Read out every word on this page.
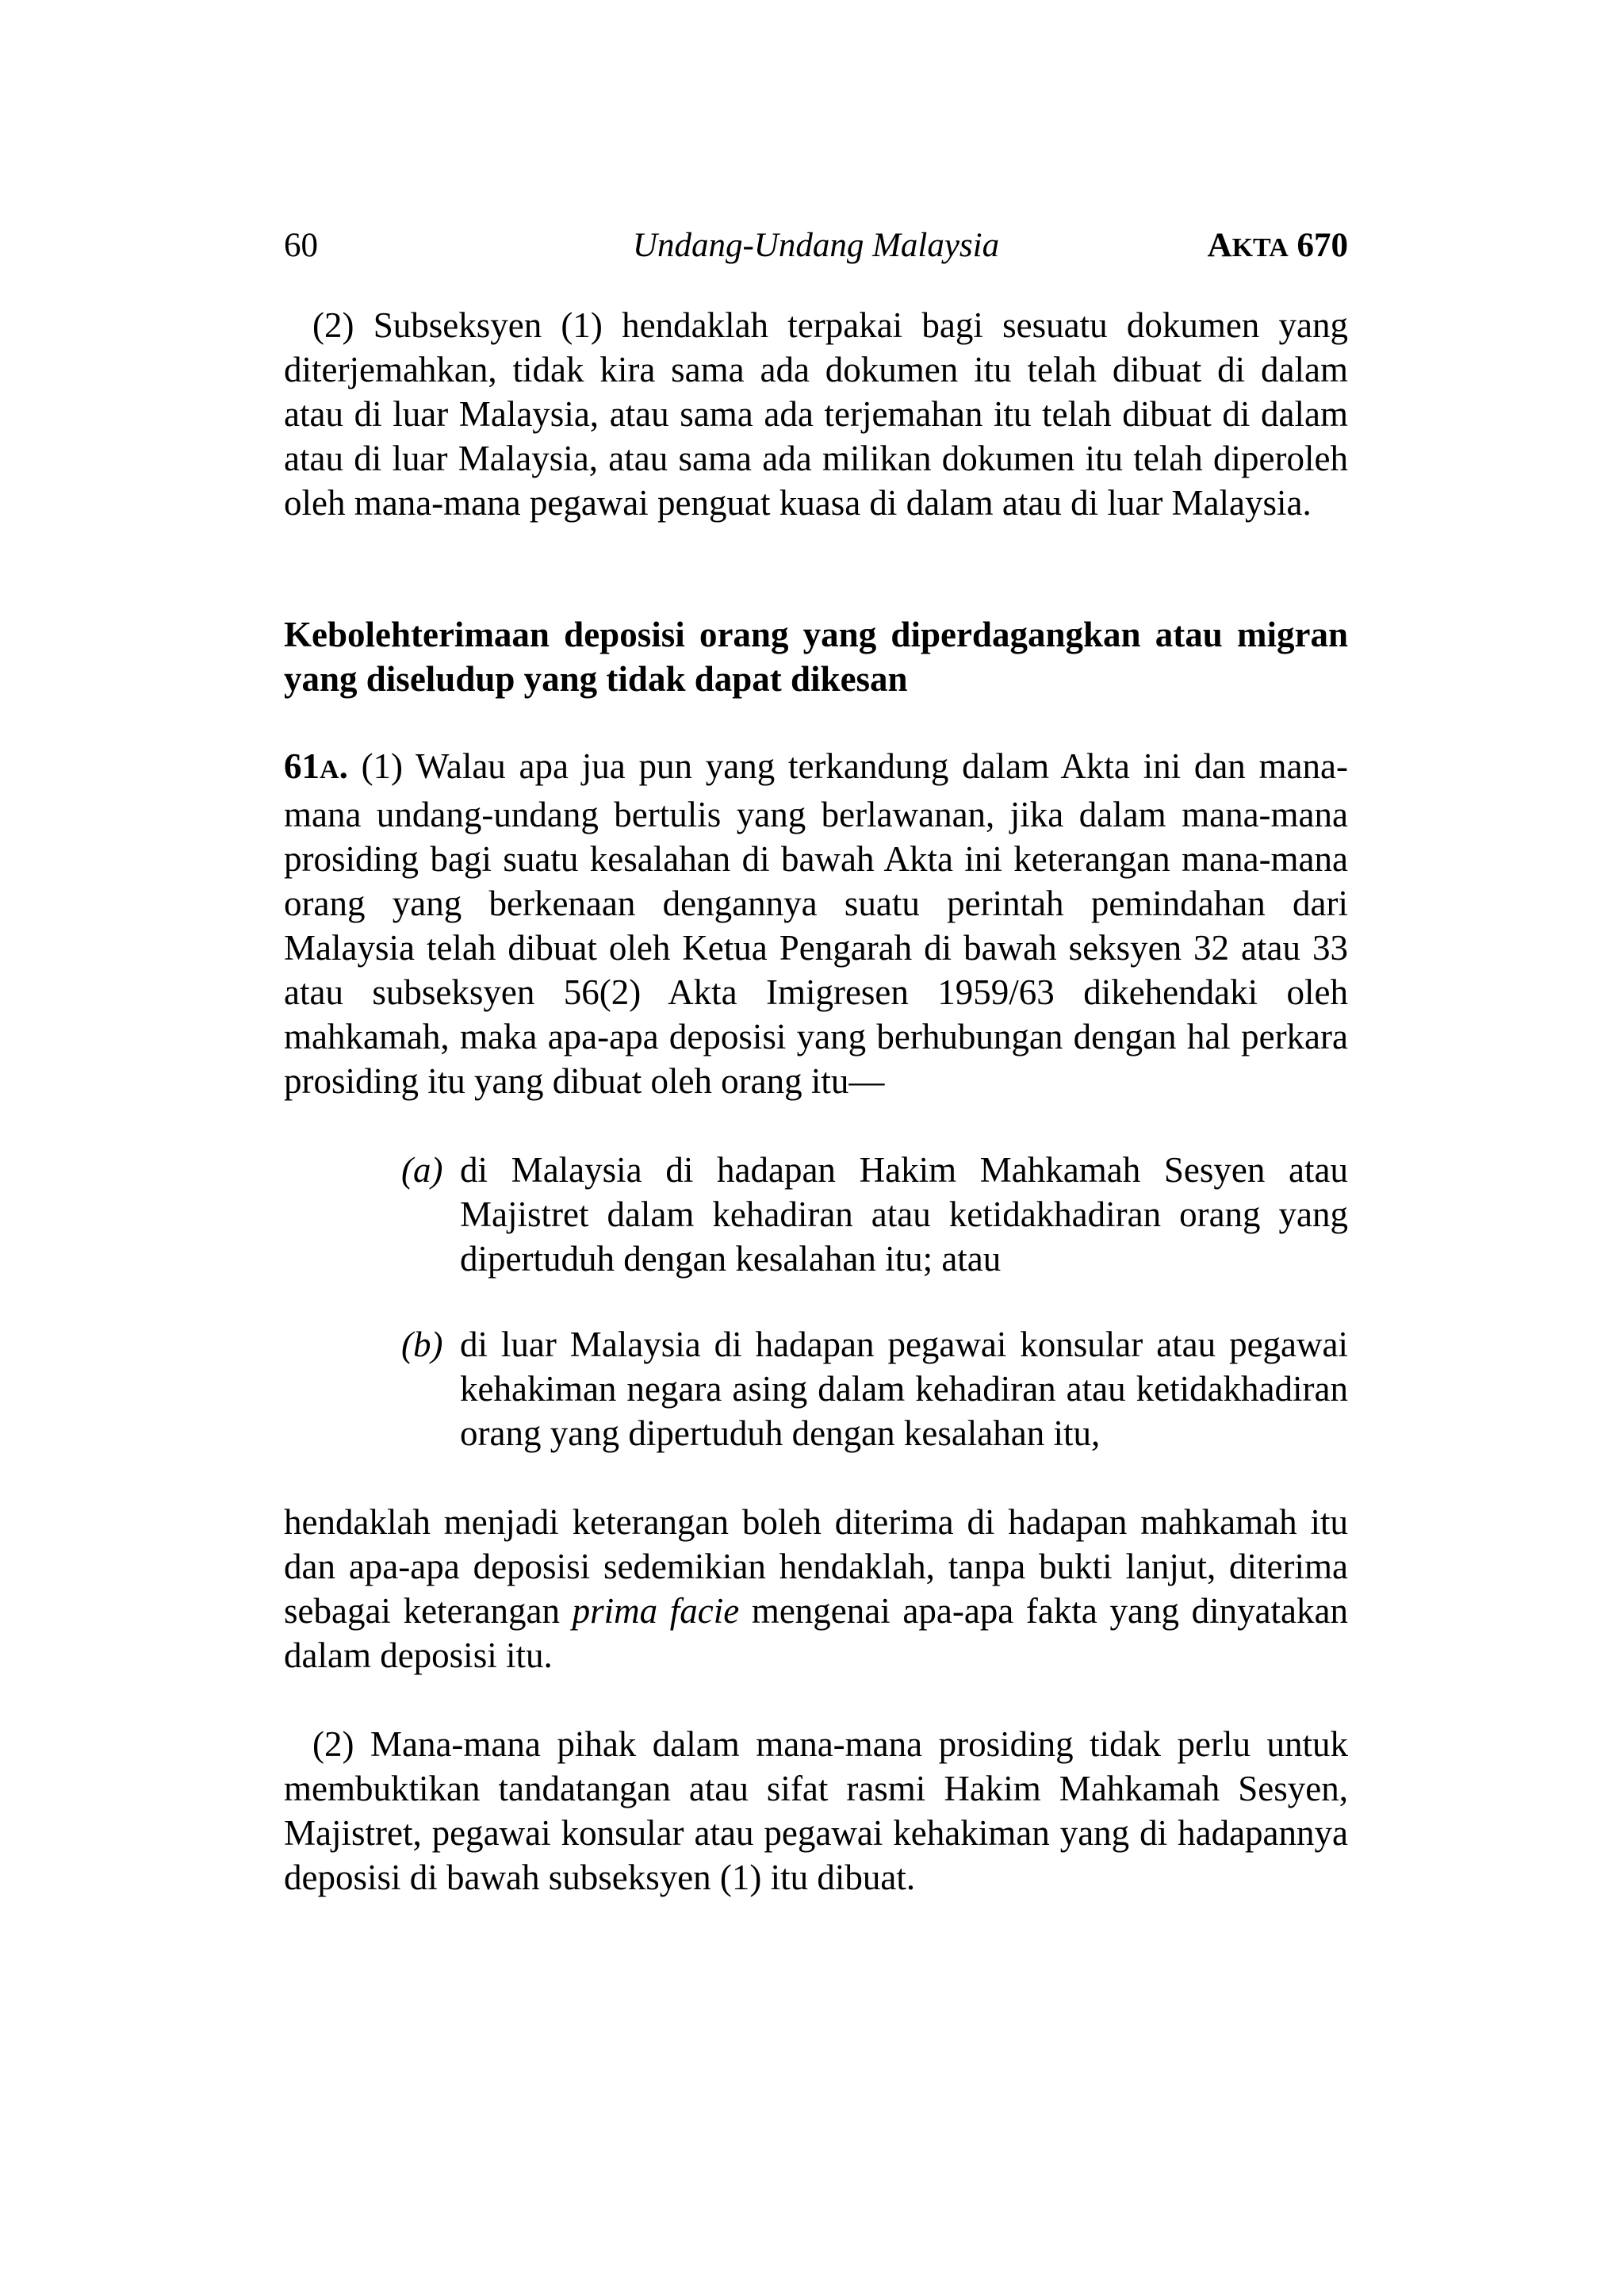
60	Undang-Undang Malaysia	AKTA 670

(2) Subseksyen (1) hendaklah terpakai bagi sesuatu dokumen yang diterjemahkan, tidak kira sama ada dokumen itu telah dibuat di dalam atau di luar Malaysia, atau sama ada terjemahan itu telah dibuat di dalam atau di luar Malaysia, atau sama ada milikan dokumen itu telah diperoleh oleh mana-mana pegawai penguat kuasa di dalam atau di luar Malaysia.

Kebolehterimaan deposisi orang yang diperdagangkan atau migran yang diseludup yang tidak dapat dikesan

61A. (1) Walau apa jua pun yang terkandung dalam Akta ini dan mana-mana undang-undang bertulis yang berlawanan, jika dalam mana-mana prosiding bagi suatu kesalahan di bawah Akta ini keterangan mana-mana orang yang berkenaan dengannya suatu perintah pemindahan dari Malaysia telah dibuat oleh Ketua Pengarah di bawah seksyen 32 atau 33 atau subseksyen 56(2) Akta Imigresen 1959/63 dikehendaki oleh mahkamah, maka apa-apa deposisi yang berhubungan dengan hal perkara prosiding itu yang dibuat oleh orang itu—

(a) di Malaysia di hadapan Hakim Mahkamah Sesyen atau Majistret dalam kehadiran atau ketidakhadiran orang yang dipertuduh dengan kesalahan itu; atau
(b) di luar Malaysia di hadapan pegawai konsular atau pegawai kehakiman negara asing dalam kehadiran atau ketidakhadiran orang yang dipertuduh dengan kesalahan itu,

hendaklah menjadi keterangan boleh diterima di hadapan mahkamah itu dan apa-apa deposisi sedemikian hendaklah, tanpa bukti lanjut, diterima sebagai keterangan prima facie mengenai apa-apa fakta yang dinyatakan dalam deposisi itu.

(2) Mana-mana pihak dalam mana-mana prosiding tidak perlu untuk membuktikan tandatangan atau sifat rasmi Hakim Mahkamah Sesyen, Majistret, pegawai konsular atau pegawai kehakiman yang di hadapannya deposisi di bawah subseksyen (1) itu dibuat.
